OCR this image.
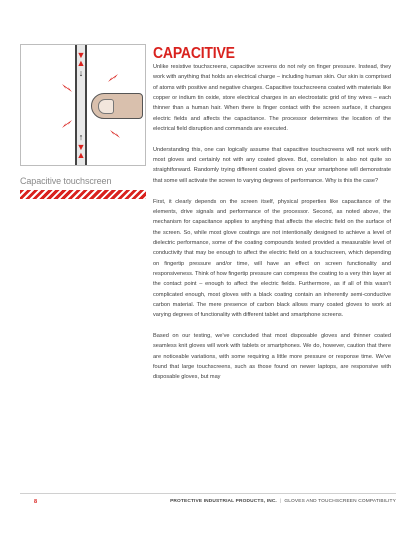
▼
▲
↓
↑
▼
▲
Capacitive touchscreen
CAPACITIVE

Unlike resistive touchscreens, capacitive screens do not rely on finger pressure. Instead, they work with anything that holds an electrical charge – including human skin. Our skin is comprised of atoms with positive and negative charges. Capacitive touchscreens coated with materials like copper or indium tin oxide, store electrical charges in an electrostatic grid of tiny wires – each thinner than a human hair. When there is finger contact with the screen surface, it changes electric fields and affects the capacitance. The processor determines the location of the electrical field disruption and commands are executed.

Understanding this, one can logically assume that capacitive touchscreens will not work with most gloves and certainly not with any coated gloves. But, correlation is also not quite so straightforward. Randomly trying different coated gloves on your smartphone will demonstrate that some will activate the screen to varying degrees of performance. Why is this the case?

First, it clearly depends on the screen itself, physical properties like capacitance of the elements, drive signals and performance of the processor. Second, as noted above, the mechanism for capacitance applies to anything that affects the electric field on the surface of the screen. So, while most glove coatings are not intentionally designed to achieve a level of dielectric performance, some of the coating compounds tested provided a measurable level of conductivity that may be enough to affect the electric field on a touchscreen, which depending on fingertip pressure and/or time, will have an effect on screen functionality and responsiveness. Think of how fingertip pressure can compress the coating to a very thin layer at the contact point – enough to affect the electric fields. Furthermore, as if all of this wasn't complicated enough, most gloves with a black coating contain an inherently semi-conductive carbon material. The mere presence of carbon black allows many coated gloves to work at varying degrees of functionality with different tablet and smartphone screens.

Based on our testing, we've concluded that most disposable gloves and thinner coated seamless knit gloves will work with tablets or smartphones. We do, however, caution that there are noticeable variations, with some requiring a little more pressure or response time. We've found that large touchscreens, such as those found on newer laptops, are responsive with disposable gloves, but may

8	PROTECTIVE INDUSTRIAL PRODUCTS, INC. | GLOVES AND TOUCHSCREEN COMPATIBILITY
